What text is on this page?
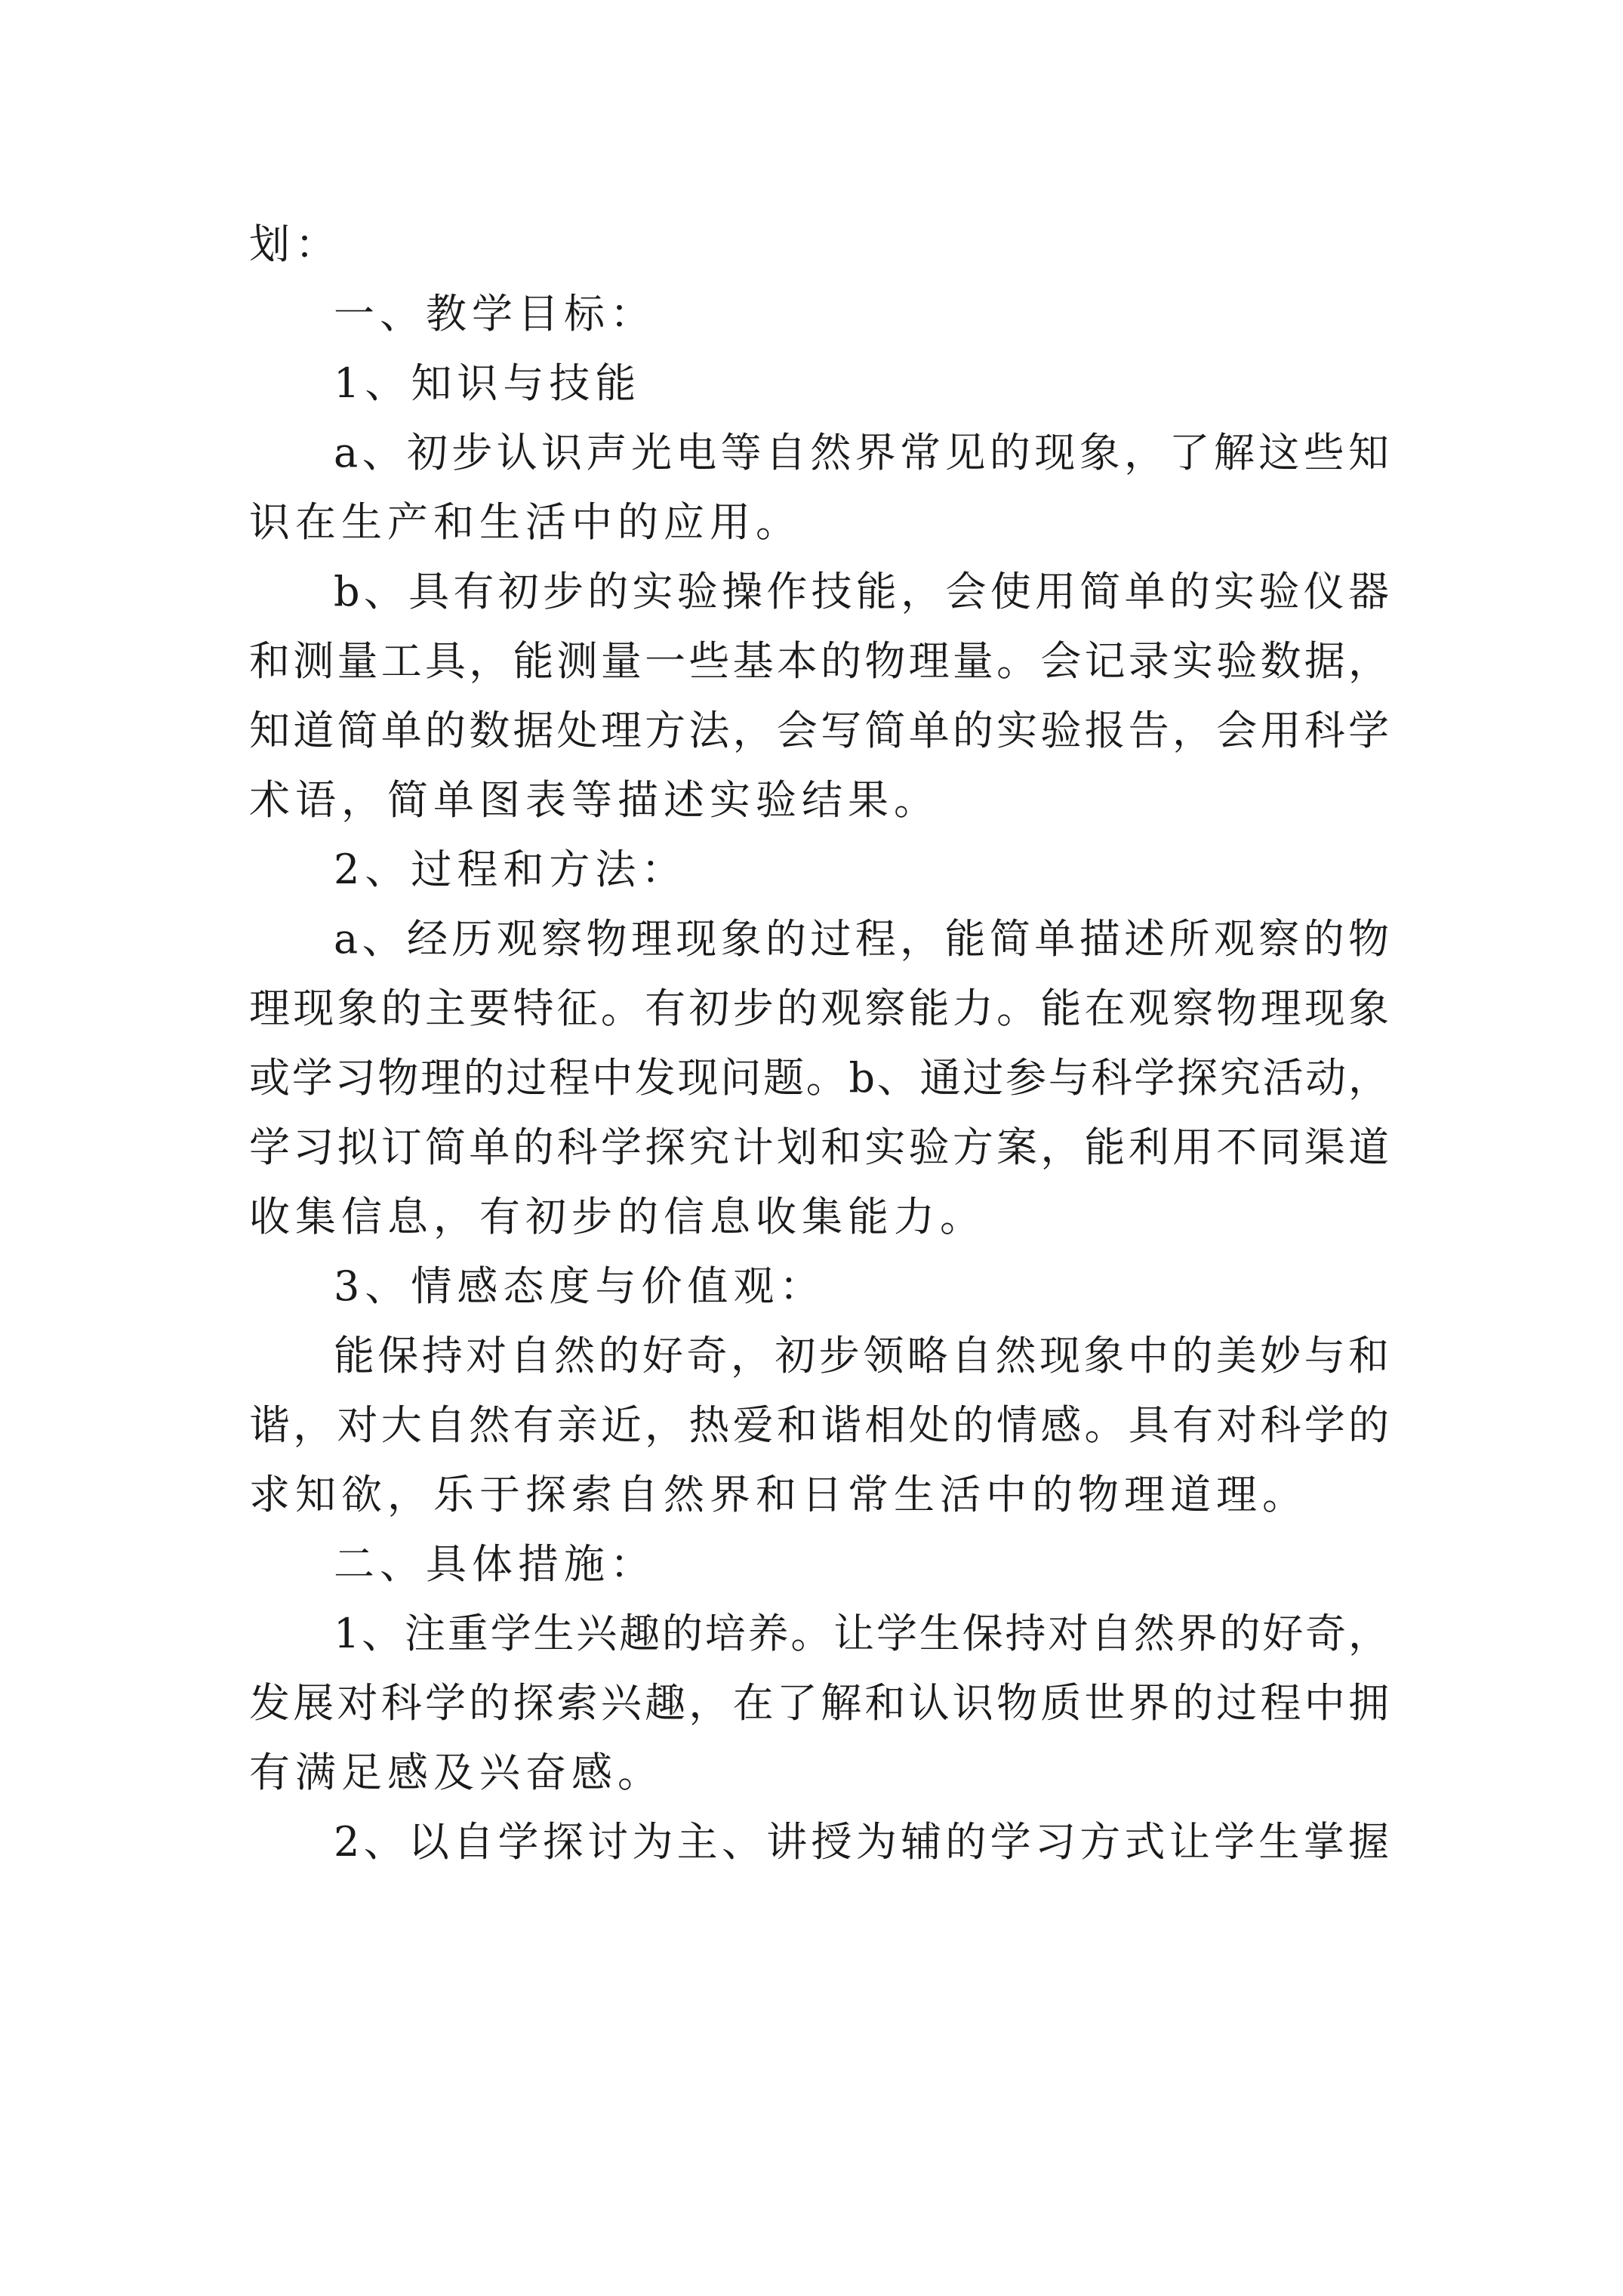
划：
一、教学目标：
1、知识与技能
a、初步认识声光电等自然界常见的现象，了解这些知
识在生产和生活中的应用。
b、具有初步的实验操作技能，会使用简单的实验仪器
和测量工具，能测量一些基本的物理量。会记录实验数据，
知道简单的数据处理方法，会写简单的实验报告，会用科学
术语，简单图表等描述实验结果。
2、过程和方法：
a、经历观察物理现象的过程，能简单描述所观察的物
理现象的主要特征。有初步的观察能力。能在观察物理现象
或学习物理的过程中发现问题。b、通过参与科学探究活动，
学习拟订简单的科学探究计划和实验方案，能利用不同渠道
收集信息，有初步的信息收集能力。
3、情感态度与价值观：
能保持对自然的好奇，初步领略自然现象中的美妙与和
谐，对大自然有亲近，热爱和谐相处的情感。具有对科学的
求知欲，乐于探索自然界和日常生活中的物理道理。
二、具体措施：
1、注重学生兴趣的培养。让学生保持对自然界的好奇，
发展对科学的探索兴趣，在了解和认识物质世界的过程中拥
有满足感及兴奋感。
2、以自学探讨为主、讲授为辅的学习方式让学生掌握
